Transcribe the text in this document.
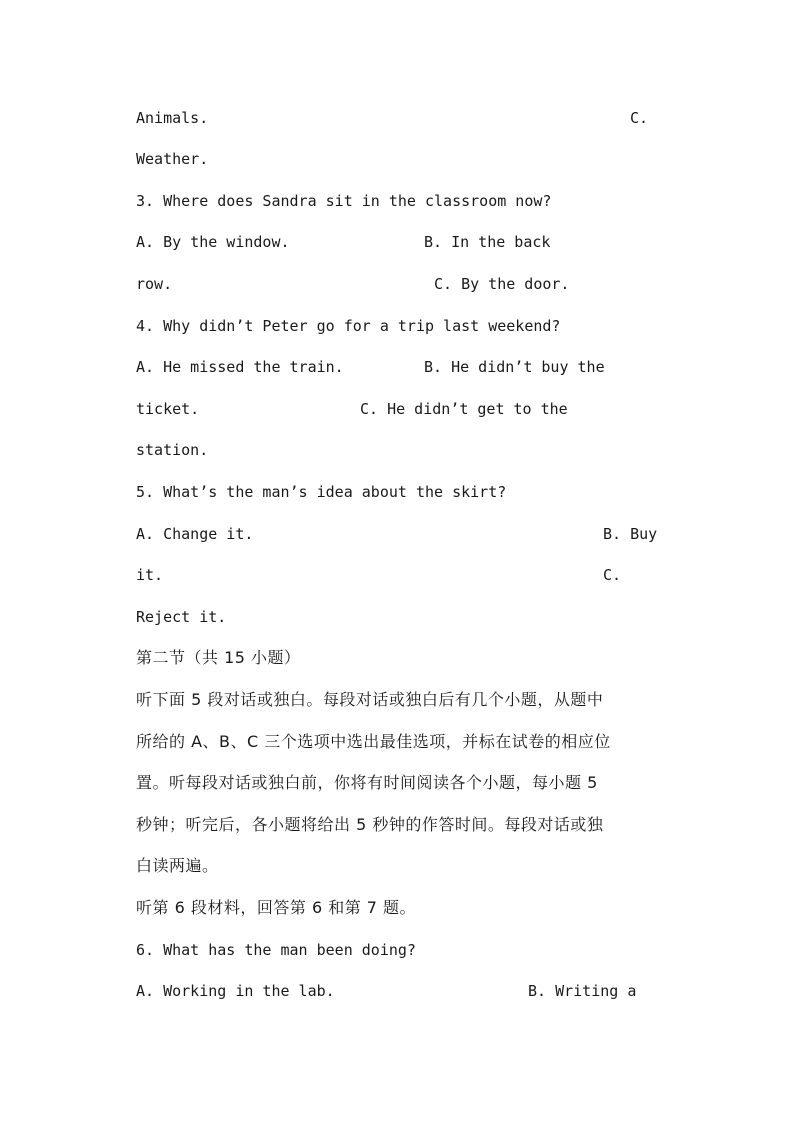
Animals.	C.
Weather.
3. Where does Sandra sit in the classroom now?
A. By the window.	B. In the back
row.	C. By the door.
4. Why didn’t Peter go for a trip last weekend?
A. He missed the train.	B. He didn’t buy the
ticket.	C. He didn’t get to the
station.
5. What’s the man’s idea about the skirt?
A. Change it.	B. Buy
it.	C.
Reject it.
第二节（共 15 小题）
听下面 5 段对话或独白。每段对话或独白后有几个小题，从题中
所给的 A、B、C 三个选项中选出最佳选项，并标在试卷的相应位
置。听每段对话或独白前，你将有时间阅读各个小题，每小题 5
秒钟；听完后，各小题将给出 5 秒钟的作答时间。每段对话或独
白读两遍。
听第 6 段材料，回答第 6 和第 7 题。
6. What has the man been doing?
A. Working in the lab.	B. Writing a
